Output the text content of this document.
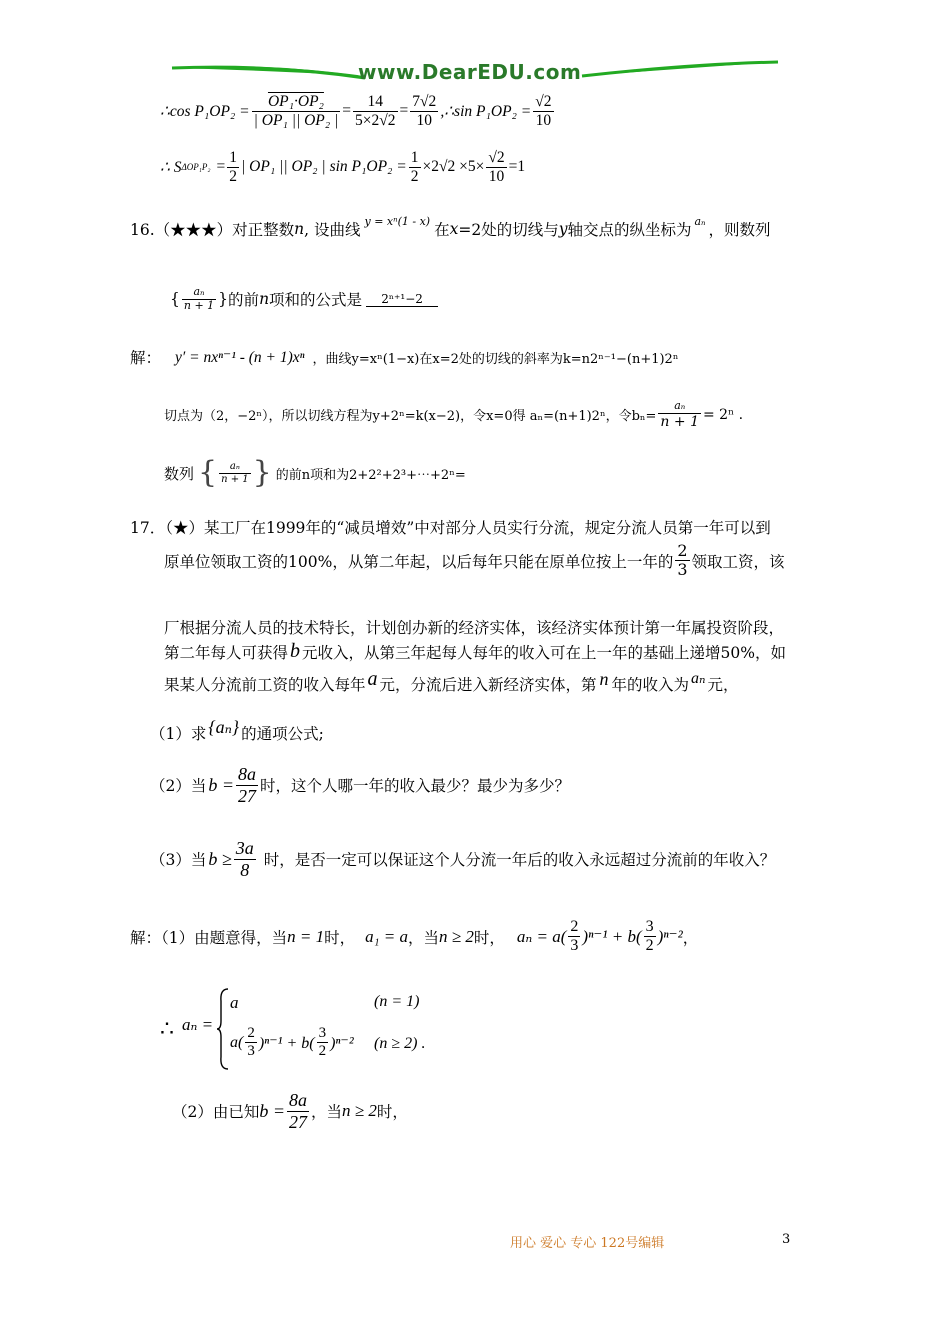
www.DearEDU.com
∴cos $P_1OP_2 = \frac{\text{OP₁·OP₂}}{\text{| OP₁ || OP₂ |}} = \frac{14}{5\times 2√2} = \frac{7√2}{10}$ ,∴sin $P_1OP_2 = \frac{√2}{10}$
∴ S $\Delta OP_1P_2 = \frac{1}{2}$ | OP₁ || OP₂ | $\sin P_1OP_2 = \frac{1}{2} \times 2√2 \times 5\times \frac{√2}{10} =1$
16.（★★★）对正整数 n , 设曲线 y = xⁿ(1 - x) 在 x =2处的切线与 y 轴交点的纵坐标为 aₙ ，则数列
{ $\frac{\text{aₙ}}{n + 1}$ } 的前 n 项和的公式是	2ⁿ⁺¹−2
解： y′ = nxⁿ⁻¹ - (n + 1)xⁿ ，曲线y=xⁿ(1−x)在x=2处的切线的斜率为k=n2ⁿ⁻¹−(n+1)2ⁿ
切点为（2，−2ⁿ），所以切线方程为y+2ⁿ=k(x−2)，令x=0得 aₙ=(n+1)2ⁿ，令$b_n= \frac{\text{aₙ}}{n + 1} = 2^n$ .
数列 { $\frac{\text{aₙ}}{n + 1}$ } 的前n项和为2+2²+2³+⋯+2ⁿ=
17．（★）某工厂在1999年的“减员增效”中对部分人员实行分流，规定分流人员第一年可以到
原单位领取工资的100%，从第二年起，以后每年只能在原单位按上一年的 $\frac{2}{3}$ 领取工资，该
厂根据分流人员的技术特长，计划创办新的经济实体，该经济实体预计第一年属投资阶段，
第二年每人可获得 b 元收入，从第三年起每人每年的收入可在上一年的基础上递增50%，如
果某人分流前工资的收入每年 a 元，分流后进入新经济实体，第 n 年的收入为 aₙ 元，
（1）求 {aₙ} 的通项公式;
（2）当 $b = \frac{8a}{27}$ 时，这个人哪一年的收入最少？最少为多少？
（3）当 $b \ge \frac{3a}{8}$ 时，是否一定可以保证这个人分流一年后的收入永远超过分流前的年收入？
解：（1）由题意得，当 n = 1 时， a₁ = a ，当 n ≥ 2 时， $a_n = a( \frac{2}{3} )^{n-1} + b( \frac{3}{2} )^{n-2}$ ，
∴ aₙ =
a	(n = 1)
$a( \frac{2}{3} )^{n-1} + b( \frac{3}{2} )^{n-2}$ (n ≥ 2) .
（2）由已知 $b = \frac{8a}{27}$ ，当 n ≥ 2 时，
用心 爱心 专心 122号编辑	3
